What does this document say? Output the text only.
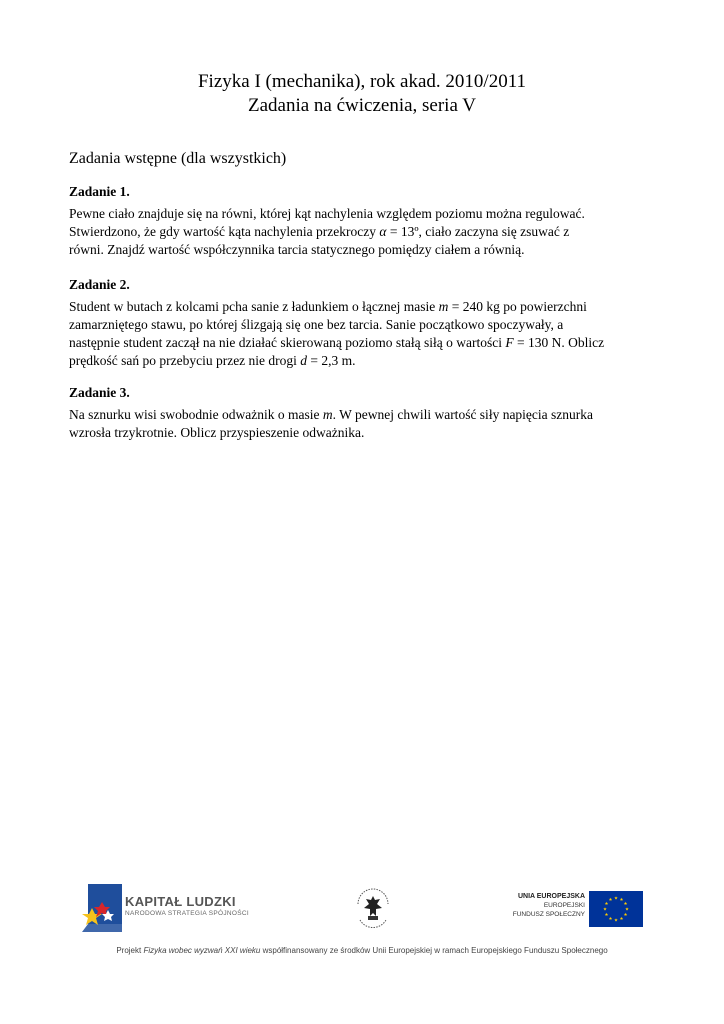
Fizyka I (mechanika), rok akad. 2010/2011
Zadania na ćwiczenia, seria V
Zadania wstępne (dla wszystkich)
Zadanie 1.
Pewne ciało znajduje się na równi, której kąt nachylenia względem poziomu można regulować.
Stwierdzono, że gdy wartość kąta nachylenia przekroczy α = 13º, ciało zaczyna się zsuwać z
równi. Znajdź wartość współczynnika tarcia statycznego pomiędzy ciałem a równią.
Zadanie 2.
Student w butach z kolcami pcha sanie z ładunkiem o łącznej masie m = 240 kg po powierzchni
zamarzniętego stawu, po której ślizgają się one bez tarcia. Sanie początkowo spoczywały, a
następnie student zaczął na nie działać skierowaną poziomo stałą siłą o wartości F = 130 N. Oblicz
prędkość sań po przebyciu przez nie drogi d = 2,3 m.
Zadanie 3.
Na sznurku wisi swobodnie odważnik o masie m. W pewnej chwili wartość siły napięcia sznurka
wzrosła trzykrotnie. Oblicz przyspieszenie odważnika.
KAPITAŁ LUDZKI
NARODOWA STRATEGIA SPÓJNOŚCI
UNIA EUROPEJSKA
EUROPEJSKI
FUNDUSZ SPOŁECZNY
Projekt Fizyka wobec wyzwań XXI wieku współfinansowany ze środków Unii Europejskiej w ramach Europejskiego Funduszu Społecznego
